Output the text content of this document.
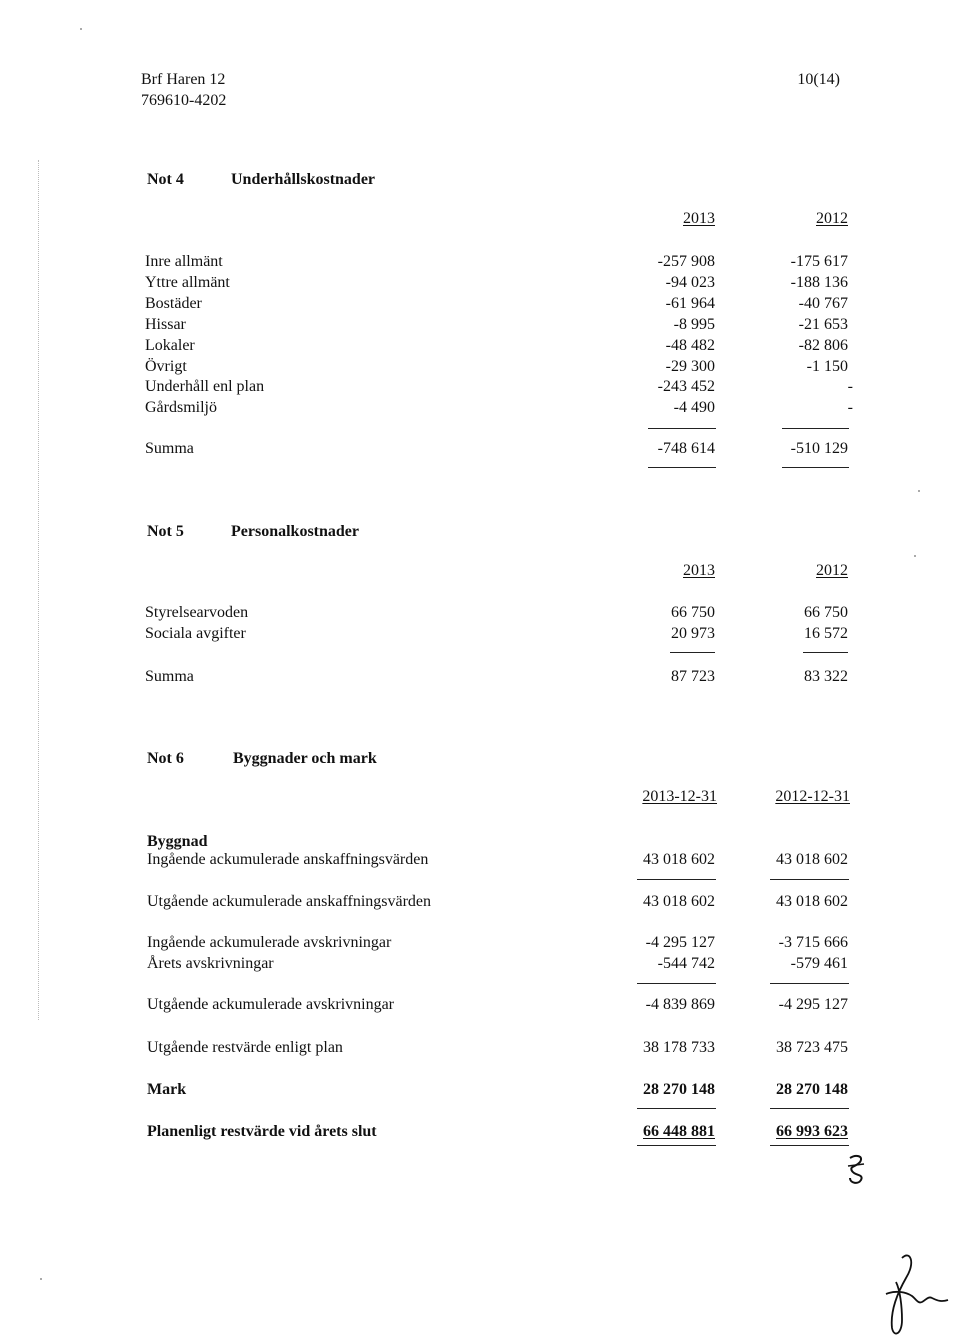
Brf Haren 12
769610-4202
10(14)
Not 4	Underhållskostnader
2013	2012
Inre allmänt	-257 908	-175 617
Yttre allmänt	-94 023	-188 136
Bostäder	-61 964	-40 767
Hissar	-8 995	-21 653
Lokaler	-48 482	-82 806
Övrigt	-29 300	-1 150
Underhåll enl plan	-243 452	-
Gårdsmiljö	-4 490	-
Summa	-748 614	-510 129
Not 5	Personalkostnader
2013	2012
Styrelsearvoden	66 750	66 750
Sociala avgifter	20 973	16 572
Summa	87 723	83 322
Not 6	Byggnader och mark
2013-12-31	2012-12-31
Byggnad
Ingående ackumulerade anskaffningsvärden	43 018 602	43 018 602
Utgående ackumulerade anskaffningsvärden	43 018 602	43 018 602
Ingående ackumulerade avskrivningar	-4 295 127	-3 715 666
Årets avskrivningar	-544 742	-579 461
Utgående ackumulerade avskrivningar	-4 839 869	-4 295 127
Utgående restvärde enligt plan	38 178 733	38 723 475
Mark	28 270 148	28 270 148
Planenligt restvärde vid årets slut	66 448 881	66 993 623
